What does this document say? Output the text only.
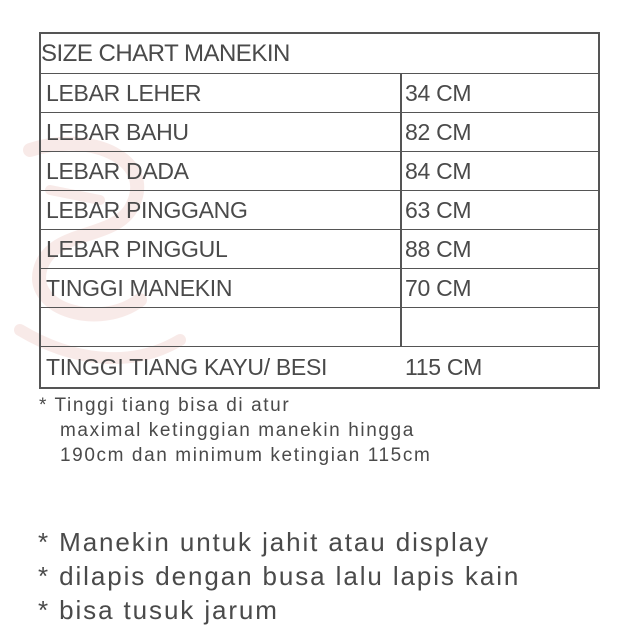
SIZE CHART MANEKIN
LEBAR LEHER	34 CM
LEBAR BAHU	82 CM
LEBAR DADA	84 CM
LEBAR PINGGANG	63 CM
LEBAR PINGGUL	88 CM
TINGGI MANEKIN	70 CM
TINGGI TIANG KAYU/ BESI	115 CM
* Tinggi tiang bisa di atur
maximal ketinggian manekin hingga
190cm dan minimum ketingian 115cm
* Manekin untuk jahit atau display
* dilapis dengan busa lalu lapis kain
* bisa tusuk jarum
